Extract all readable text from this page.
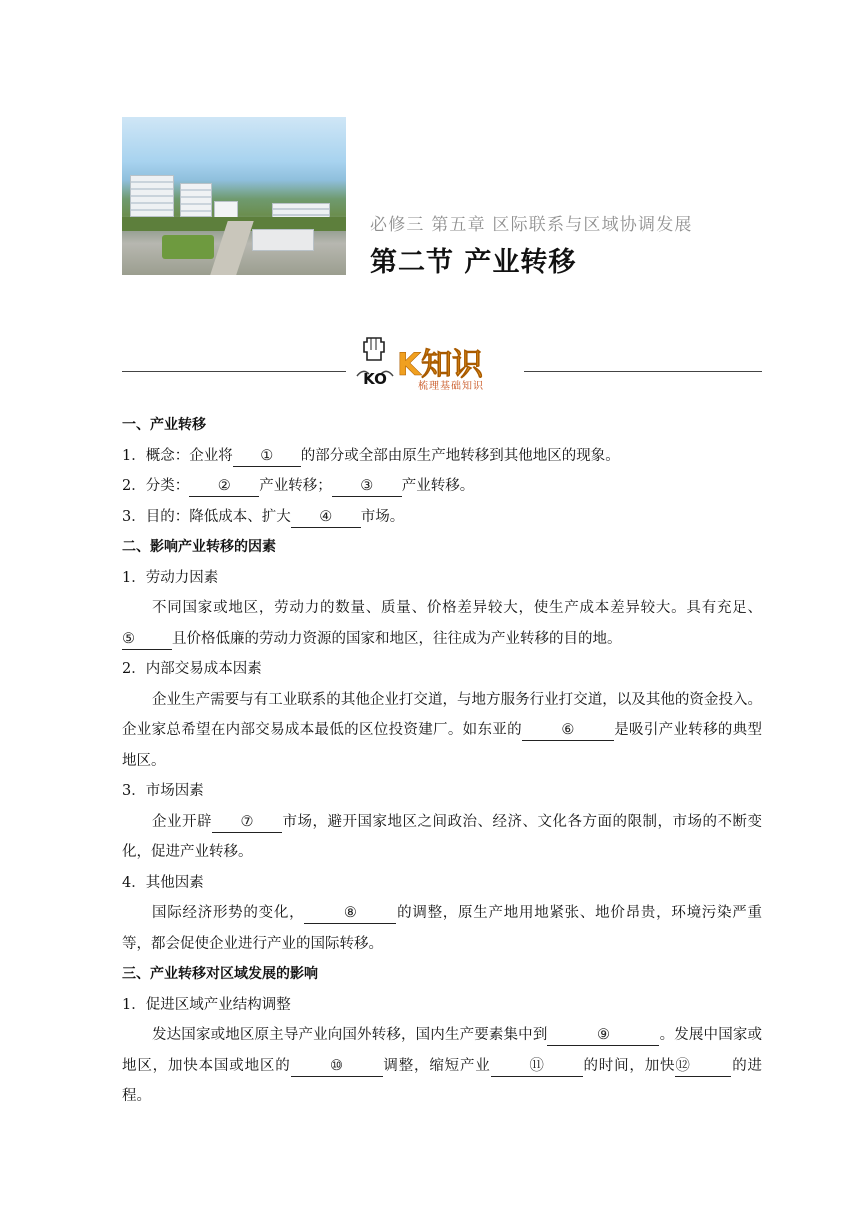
必修三 第五章 区际联系与区域协调发展
第二节 产业转移
KO K知识
梳理基础知识
一、产业转移
1．概念：企业将 ① 的部分或全部由原生产地转移到其他地区的现象。
2．分类： ② 产业转移； ③ 产业转移。
3．目的：降低成本、扩大 ④ 市场。
二、影响产业转移的因素
1．劳动力因素
不同国家或地区，劳动力的数量、质量、价格差异较大，使生产成本差异较大。具有充足、⑤	且价格低廉的劳动力资源的国家和地区，往往成为产业转移的目的地。
2．内部交易成本因素
企业生产需要与有工业联系的其他企业打交道，与地方服务行业打交道，以及其他的资金投入。企业家总希望在内部交易成本最低的区位投资建厂。如东亚的	⑥	是吸引产业转移的典型地区。
3．市场因素
企业开辟 ⑦ 市场，避开国家地区之间政治、经济、文化各方面的限制，市场的不断变化，促进产业转移。
4．其他因素
国际经济形势的变化，	⑧	的调整，原生产地用地紧张、地价昂贵，环境污染严重等，都会促使企业进行产业的国际转移。
三、产业转移对区域发展的影响
1．促进区域产业结构调整
发达国家或地区原主导产业向国外转移，国内生产要素集中到	⑨	。发展中国家或地区，加快本国或地区的	⑩	调整，缩短产业	⑪	的时间，加快⑫	的进程。
